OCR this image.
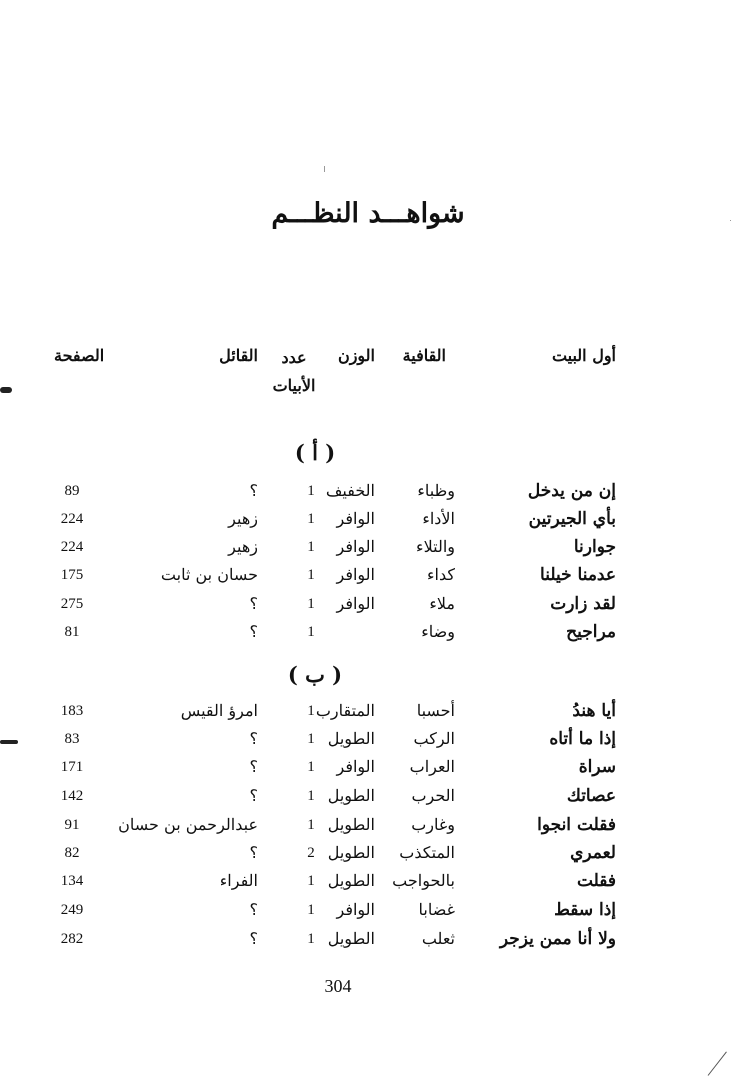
شواهـــد النظـــم
أول البيت
القافية
الوزن
عدد الأبيات
القائل
الصفحة
( أ )
إن من يدخل
وظباء
الخفيف
1
؟
89
بأي الجيرتين
الأداء
الوافر
1
زهير
224
جوارنا
والتلاء
الوافر
1
زهير
224
عدمنا خيلنا
كداء
الوافر
1
حسان بن ثابت
175
لقد زارت
ملاء
الوافر
1
؟
275
مراجيح
وضاء
1
؟
81
( ب )
أيا هندُ
أحسبا
المتقارب
1
امرؤ القيس
183
إذا ما أتاه
الركب
الطويل
1
؟
83
سراة
العراب
الوافر
1
؟
171
عصاتك
الحرب
الطويل
1
؟
142
فقلت انجوا
وغارب
الطويل
1
عبدالرحمن بن حسان
91
لعمري
المتكذب
الطويل
2
؟
82
فقلت
بالحواجب
الطويل
1
الفراء
134
إذا سقط
غضابا
الوافر
1
؟
249
ولا أنا ممن يزجر
ثعلب
الطويل
1
؟
282
304
